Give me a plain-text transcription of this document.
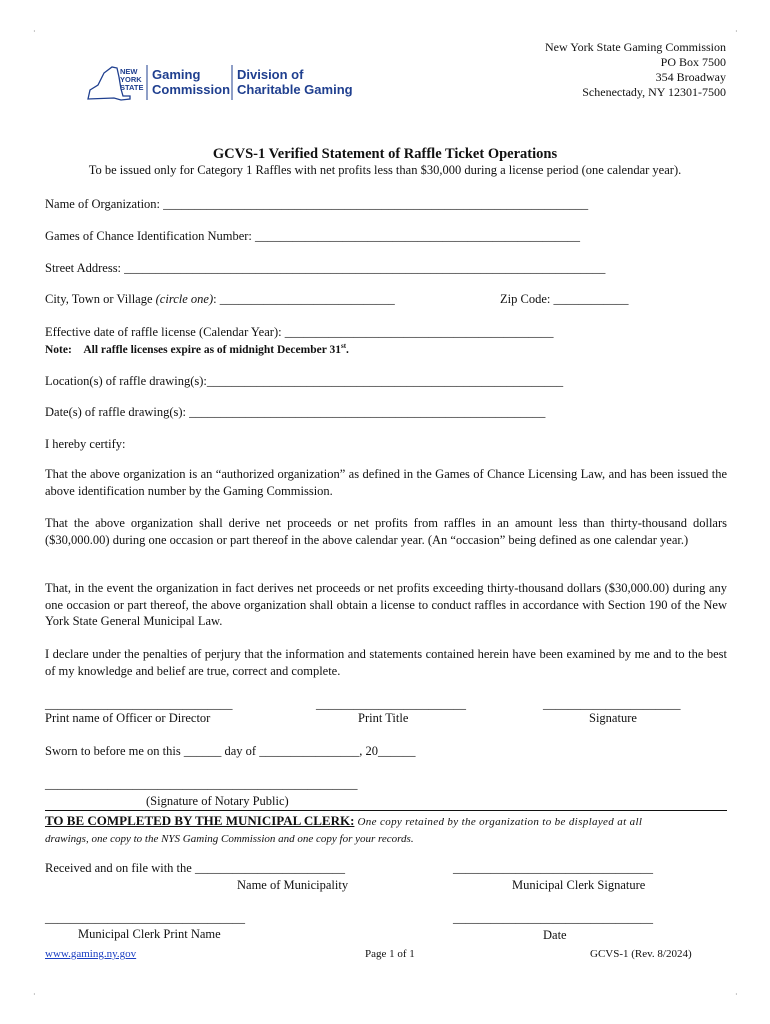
·	·
·	·
NEW
YORK
STATE
Gaming
Commission
Division of
Charitable Gaming
New York State Gaming Commission
PO Box 7500
354 Broadway
Schenectady, NY 12301-7500
GCVS-1 Verified Statement of Raffle Ticket Operations
To be issued only for Category 1 Raffles with net profits less than $30,000 during a license period (one calendar year).
Name of Organization: ____________________________________________________________________
Games of Chance Identification Number: ____________________________________________________
Street Address: _____________________________________________________________________________
City, Town or Village (circle one): ____________________________	Zip Code: ____________
Effective date of raffle license (Calendar Year): ___________________________________________
Note: All raffle licenses expire as of midnight December 31st.
Location(s) of raffle drawing(s):_________________________________________________________
Date(s) of raffle drawing(s): _________________________________________________________
I hereby certify:
That the above organization is an “authorized organization” as defined in the Games of Chance Licensing Law, and has been issued the above identification number by the Gaming Commission.
That the above organization shall derive net proceeds or net profits from raffles in an amount less than thirty-thousand dollars ($30,000.00) during one occasion or part thereof in the above calendar year. (An “occasion” being defined as one calendar year.)
That, in the event the organization in fact derives net proceeds or net profits exceeding thirty-thousand dollars ($30,000.00) during any one occasion or part thereof, the above organization shall obtain a license to conduct raffles in accordance with Section 190 of the New York State General Municipal Law.
I declare under the penalties of perjury that the information and statements contained herein have been examined by me and to the best of my knowledge and belief are true, correct and complete.
______________________________	________________________	______________________
Print name of Officer or Director	Print Title	Signature
Sworn to before me on this ______ day of ________________, 20______
__________________________________________________
(Signature of Notary Public)
TO BE COMPLETED BY THE MUNICIPAL CLERK: One copy retained by the organization to be displayed at all
drawings, one copy to the NYS Gaming Commission and one copy for your records.
Received and on file with the ________________________	________________________________
Name of Municipality	Municipal Clerk Signature
________________________________	________________________________
Municipal Clerk Print Name	Date
www.gaming.ny.gov	Page 1 of 1	GCVS-1 (Rev. 8/2024)
